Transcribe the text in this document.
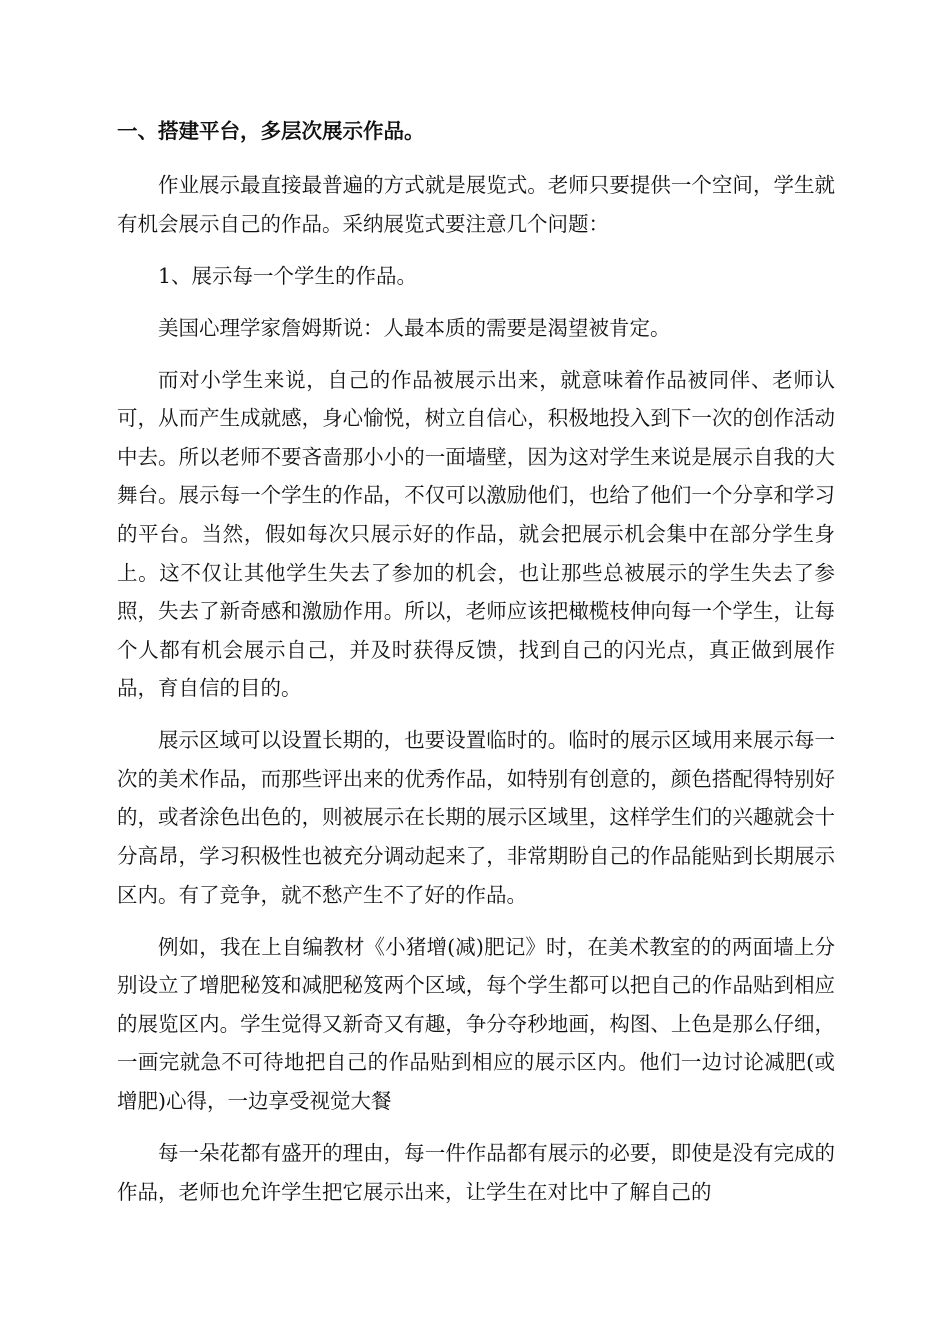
一、搭建平台，多层次展示作品。

作业展示最直接最普遍的方式就是展览式。老师只要提供一个空间，学生就有机会展示自己的作品。采纳展览式要注意几个问题：

1、展示每一个学生的作品。

美国心理学家詹姆斯说：人最本质的需要是渴望被肯定。

而对小学生来说，自己的作品被展示出来，就意味着作品被同伴、老师认可，从而产生成就感，身心愉悦，树立自信心，积极地投入到下一次的创作活动中去。所以老师不要吝啬那小小的一面墙壁，因为这对学生来说是展示自我的大舞台。展示每一个学生的作品，不仅可以激励他们，也给了他们一个分享和学习的平台。当然，假如每次只展示好的作品，就会把展示机会集中在部分学生身上。这不仅让其他学生失去了参加的机会，也让那些总被展示的学生失去了参照，失去了新奇感和激励作用。所以，老师应该把橄榄枝伸向每一个学生，让每个人都有机会展示自己，并及时获得反馈，找到自己的闪光点，真正做到展作品，育自信的目的。

展示区域可以设置长期的，也要设置临时的。临时的展示区域用来展示每一次的美术作品，而那些评出来的优秀作品，如特别有创意的，颜色搭配得特别好的，或者涂色出色的，则被展示在长期的展示区域里，这样学生们的兴趣就会十分高昂，学习积极性也被充分调动起来了，非常期盼自己的作品能贴到长期展示区内。有了竞争，就不愁产生不了好的作品。

例如，我在上自编教材《小猪增(减)肥记》时，在美术教室的的两面墙上分别设立了增肥秘笈和减肥秘笈两个区域，每个学生都可以把自己的作品贴到相应的展览区内。学生觉得又新奇又有趣，争分夺秒地画，构图、上色是那么仔细，一画完就急不可待地把自己的作品贴到相应的展示区内。他们一边讨论减肥(或增肥)心得，一边享受视觉大餐

每一朵花都有盛开的理由，每一件作品都有展示的必要，即使是没有完成的作品，老师也允许学生把它展示出来，让学生在对比中了解自己的
